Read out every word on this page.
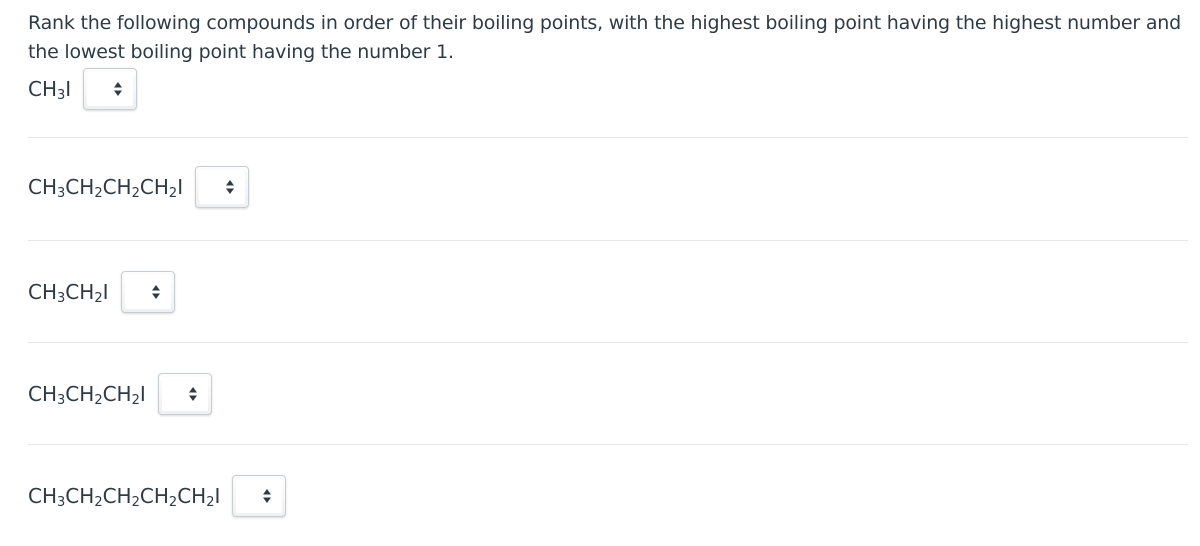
Rank the following compounds in order of their boiling points, with the highest boiling point having the highest number and the lowest boiling point having the number 1.
$CH_3I$
$CH_3CH_2CH_2CH_2I$
$CH_3CH_2I$
$CH_3CH_2CH_2I$
$CH_3CH_2CH_2CH_2CH_2I$
